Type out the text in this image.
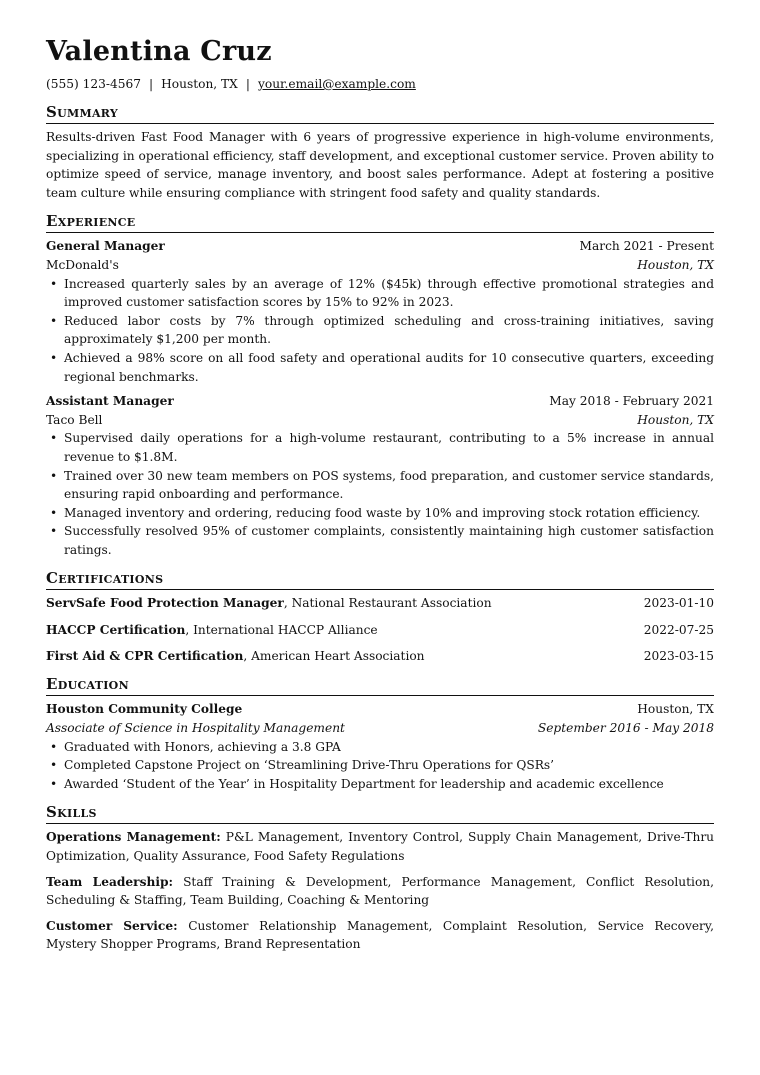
Valentina Cruz
(555) 123-4567 | Houston, TX | your.email@example.com
Summary
Results-driven Fast Food Manager with 6 years of progressive experience in high-volume environments, specializing in operational efficiency, staff development, and exceptional customer service. Proven ability to optimize speed of service, manage inventory, and boost sales performance. Adept at fostering a positive team culture while ensuring compliance with stringent food safety and quality standards.
Experience
General Manager	March 2021 - Present
McDonald's	Houston, TX
• Increased quarterly sales by an average of 12% ($45k) through effective promotional strategies and improved customer satisfaction scores by 15% to 92% in 2023.
• Reduced labor costs by 7% through optimized scheduling and cross-training initiatives, saving approximately $1,200 per month.
• Achieved a 98% score on all food safety and operational audits for 10 consecutive quarters, exceeding regional benchmarks.
Assistant Manager	May 2018 - February 2021
Taco Bell	Houston, TX
• Supervised daily operations for a high-volume restaurant, contributing to a 5% increase in annual revenue to $1.8M.
• Trained over 30 new team members on POS systems, food preparation, and customer service standards, ensuring rapid onboarding and performance.
• Managed inventory and ordering, reducing food waste by 10% and improving stock rotation efficiency.
• Successfully resolved 95% of customer complaints, consistently maintaining high customer satisfaction ratings.
Certifications
ServSafe Food Protection Manager, National Restaurant Association	2023-01-10
HACCP Certification, International HACCP Alliance	2022-07-25
First Aid & CPR Certification, American Heart Association	2023-03-15
Education
Houston Community College	Houston, TX
Associate of Science in Hospitality Management	September 2016 - May 2018
• Graduated with Honors, achieving a 3.8 GPA
• Completed Capstone Project on ‘Streamlining Drive-Thru Operations for QSRs’
• Awarded ‘Student of the Year’ in Hospitality Department for leadership and academic excellence
Skills
Operations Management: P&L Management, Inventory Control, Supply Chain Management, Drive-Thru Optimization, Quality Assurance, Food Safety Regulations
Team Leadership: Staff Training & Development, Performance Management, Conflict Resolution, Scheduling & Staffing, Team Building, Coaching & Mentoring
Customer Service: Customer Relationship Management, Complaint Resolution, Service Recovery, Mystery Shopper Programs, Brand Representation
